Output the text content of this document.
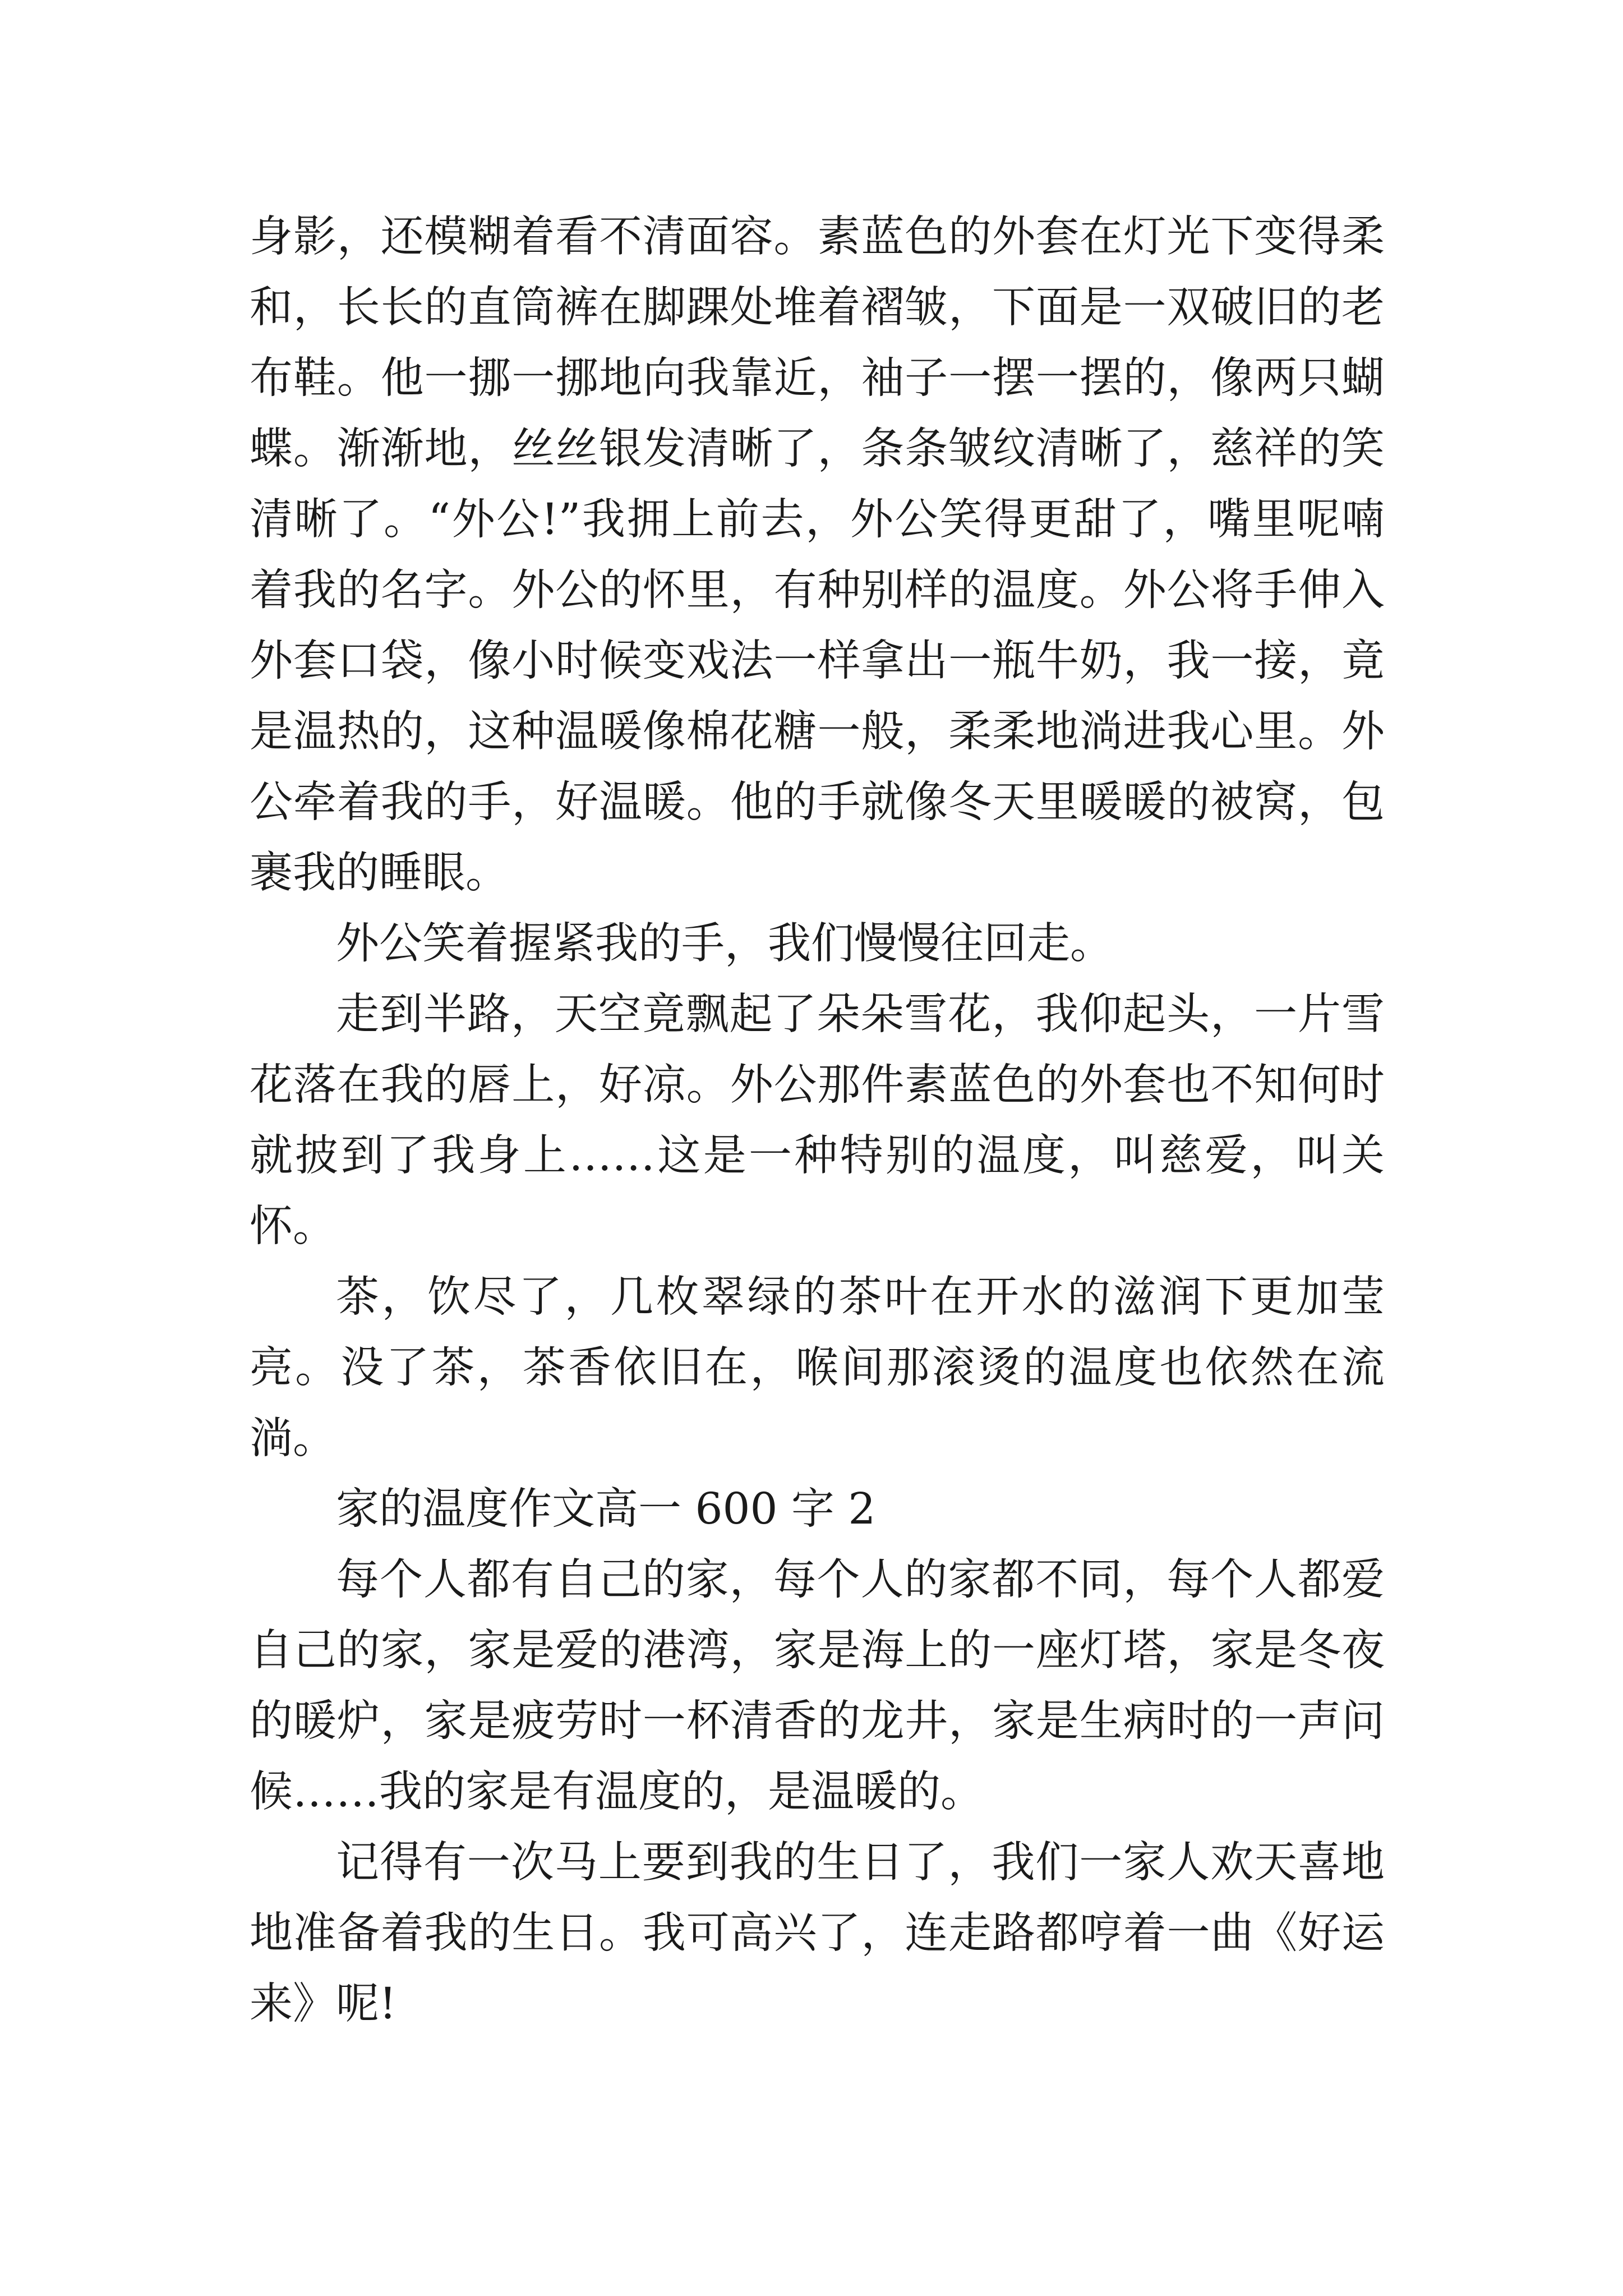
身影，还模糊着看不清面容。素蓝色的外套在灯光下变得柔和，长长的直筒裤在脚踝处堆着褶皱，下面是一双破旧的老布鞋。他一挪一挪地向我靠近，袖子一摆一摆的，像两只蝴蝶。渐渐地，丝丝银发清晰了，条条皱纹清晰了，慈祥的笑清晰了。“外公!”我拥上前去，外公笑得更甜了，嘴里呢喃着我的名字。外公的怀里，有种别样的温度。外公将手伸入外套口袋，像小时候变戏法一样拿出一瓶牛奶，我一接，竟是温热的，这种温暖像棉花糖一般，柔柔地淌进我心里。外公牵着我的手，好温暖。他的手就像冬天里暖暖的被窝，包裹我的睡眼。

外公笑着握紧我的手，我们慢慢往回走。

走到半路，天空竟飘起了朵朵雪花，我仰起头，一片雪花落在我的唇上，好凉。外公那件素蓝色的外套也不知何时就披到了我身上……这是一种特别的温度，叫慈爱，叫关怀。

茶，饮尽了，几枚翠绿的茶叶在开水的滋润下更加莹亮。没了茶，茶香依旧在，喉间那滚烫的温度也依然在流淌。

家的温度作文高一 600 字 2

每个人都有自己的家，每个人的家都不同，每个人都爱自己的家，家是爱的港湾，家是海上的一座灯塔，家是冬夜的暖炉，家是疲劳时一杯清香的龙井，家是生病时的一声问候……我的家是有温度的，是温暖的。

记得有一次马上要到我的生日了，我们一家人欢天喜地地准备着我的生日。我可高兴了，连走路都哼着一曲《好运来》呢!
